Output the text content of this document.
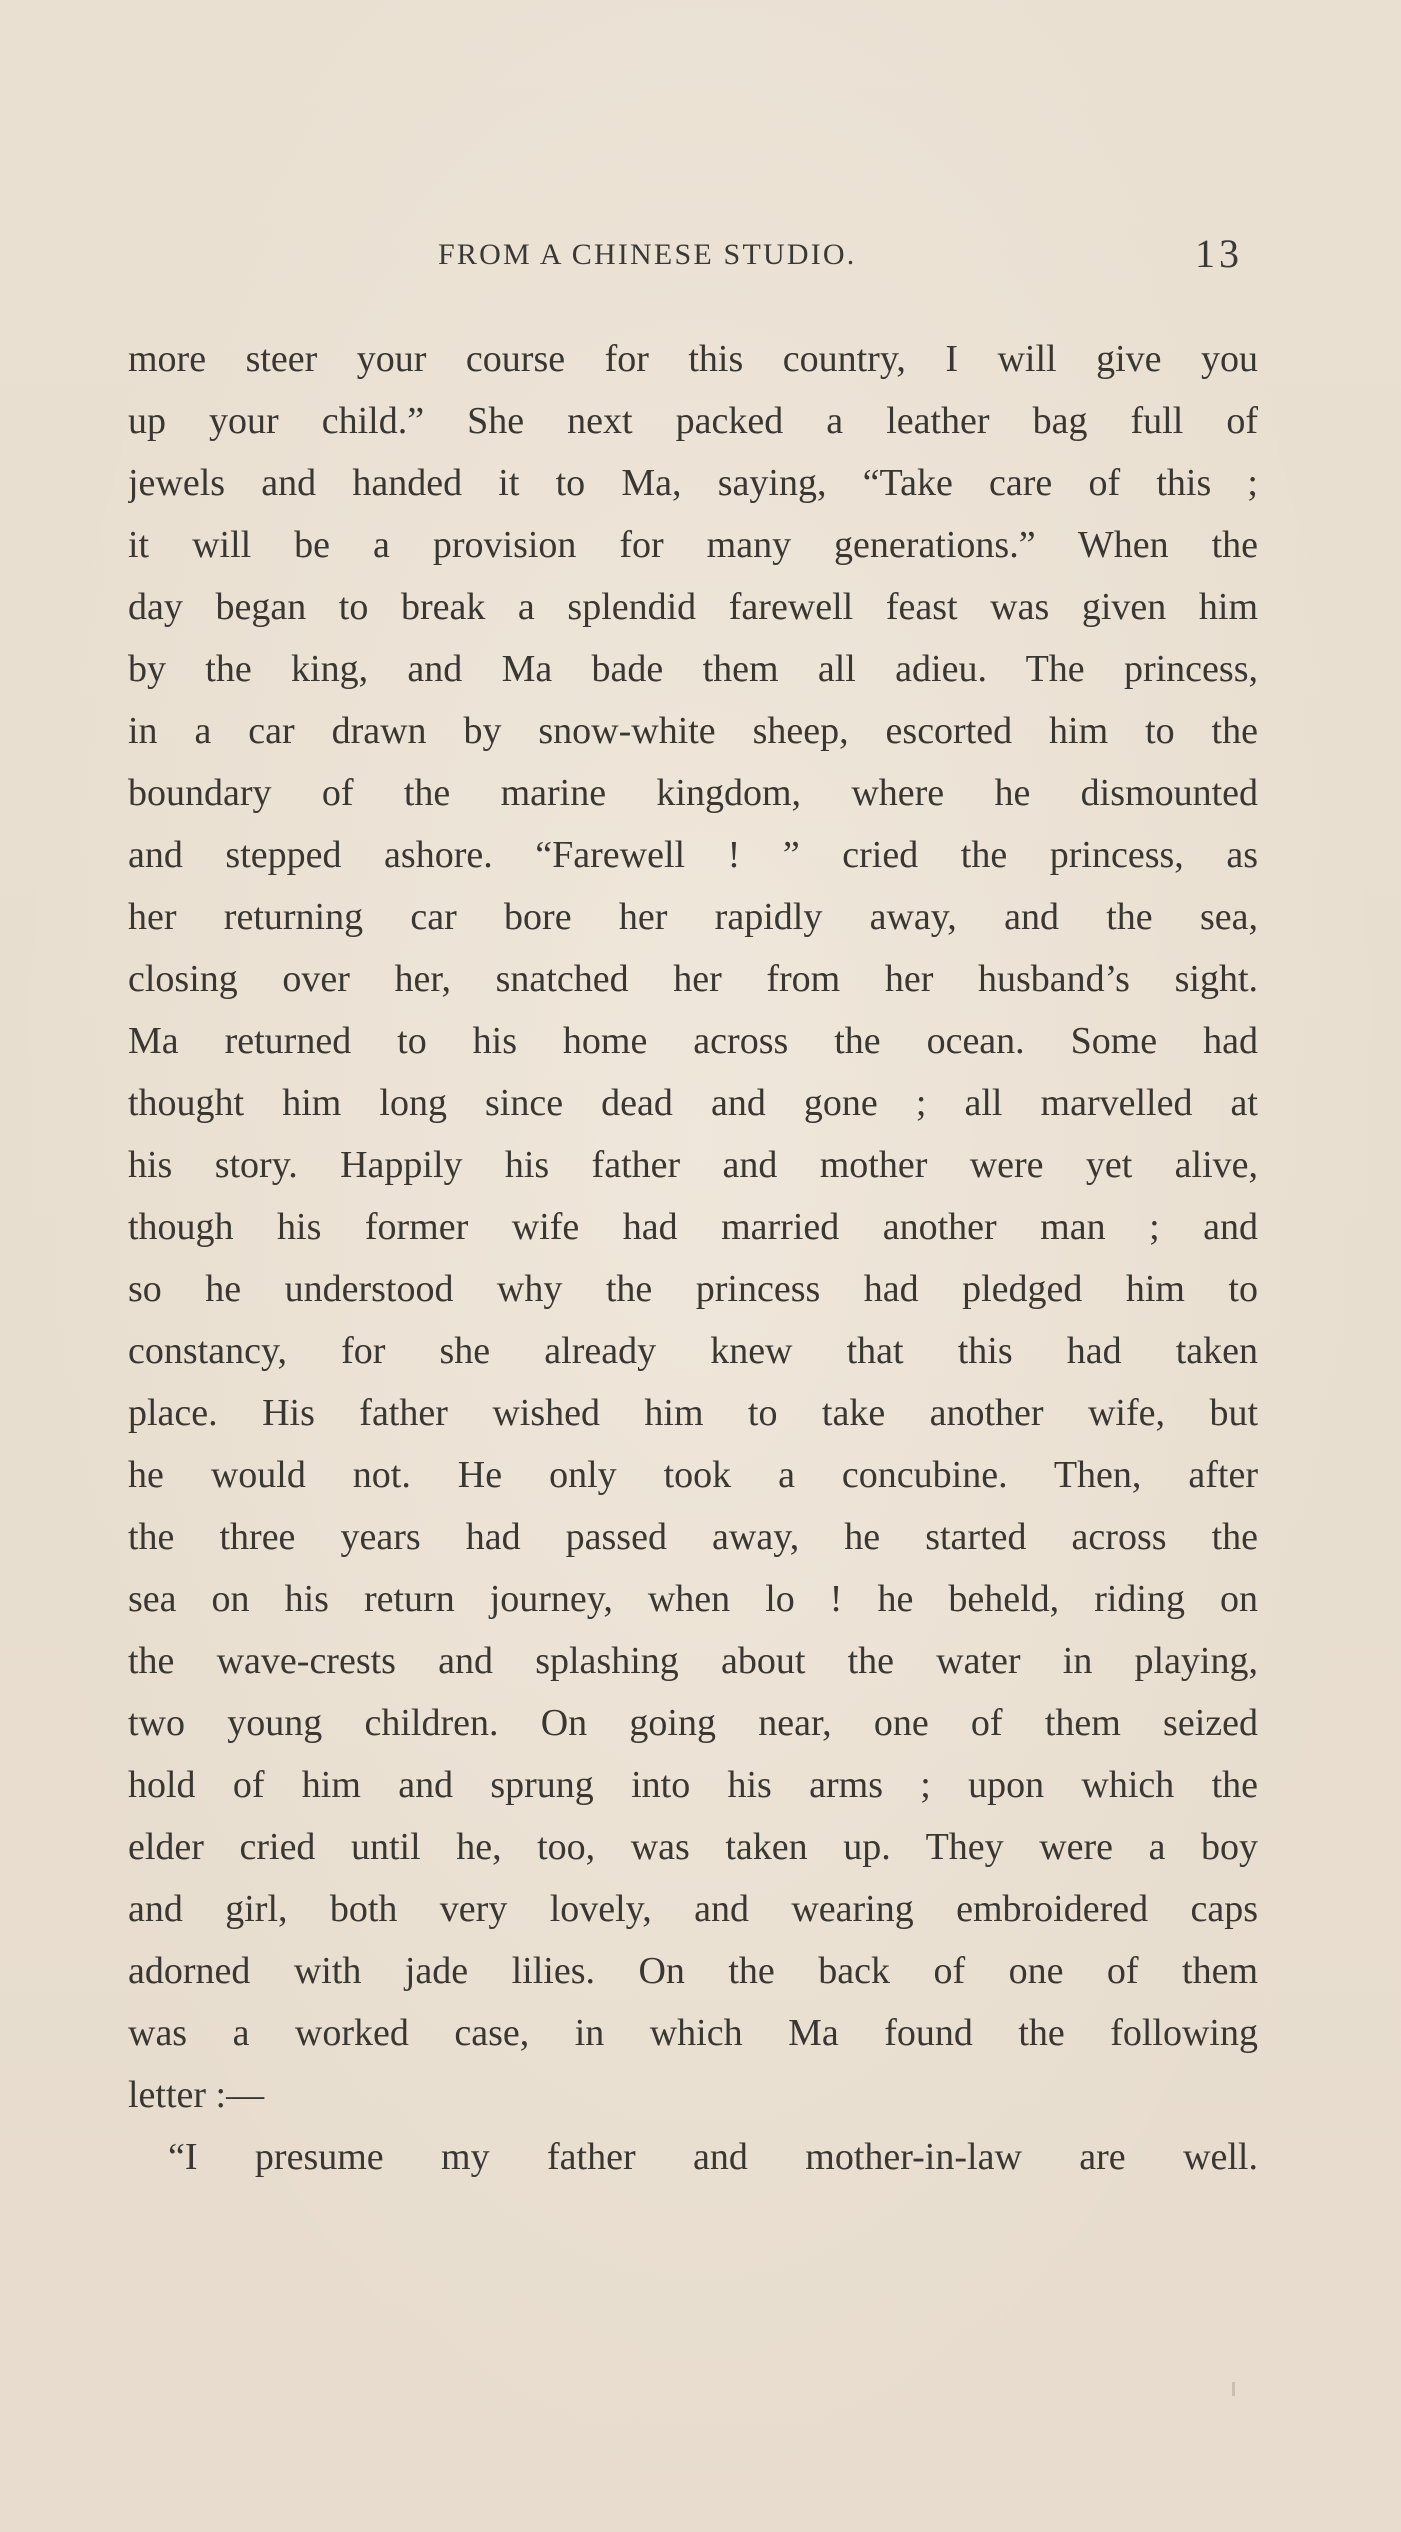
FROM A CHINESE STUDIO.	13
more steer your course for this country, I will give you
up your child.” She next packed a leather bag full of
jewels and handed it to Ma, saying, “Take care of this ;
it will be a provision for many generations.” When the
day began to break a splendid farewell feast was given him
by the king, and Ma bade them all adieu. The princess,
in a car drawn by snow-white sheep, escorted him to the
boundary of the marine kingdom, where he dismounted
and stepped ashore. “Farewell ! ” cried the princess, as
her returning car bore her rapidly away, and the sea,
closing over her, snatched her from her husband’s sight.
Ma returned to his home across the ocean. Some had
thought him long since dead and gone ; all marvelled at
his story. Happily his father and mother were yet alive,
though his former wife had married another man ; and
so he understood why the princess had pledged him to
constancy, for she already knew that this had taken
place. His father wished him to take another wife, but
he would not. He only took a concubine. Then, after
the three years had passed away, he started across the
sea on his return journey, when lo ! he beheld, riding on
the wave-crests and splashing about the water in playing,
two young children. On going near, one of them seized
hold of him and sprung into his arms ; upon which the
elder cried until he, too, was taken up. They were a boy
and girl, both very lovely, and wearing embroidered caps
adorned with jade lilies. On the back of one of them
was a worked case, in which Ma found the following
letter :—
“I presume my father and mother-in-law are well.
